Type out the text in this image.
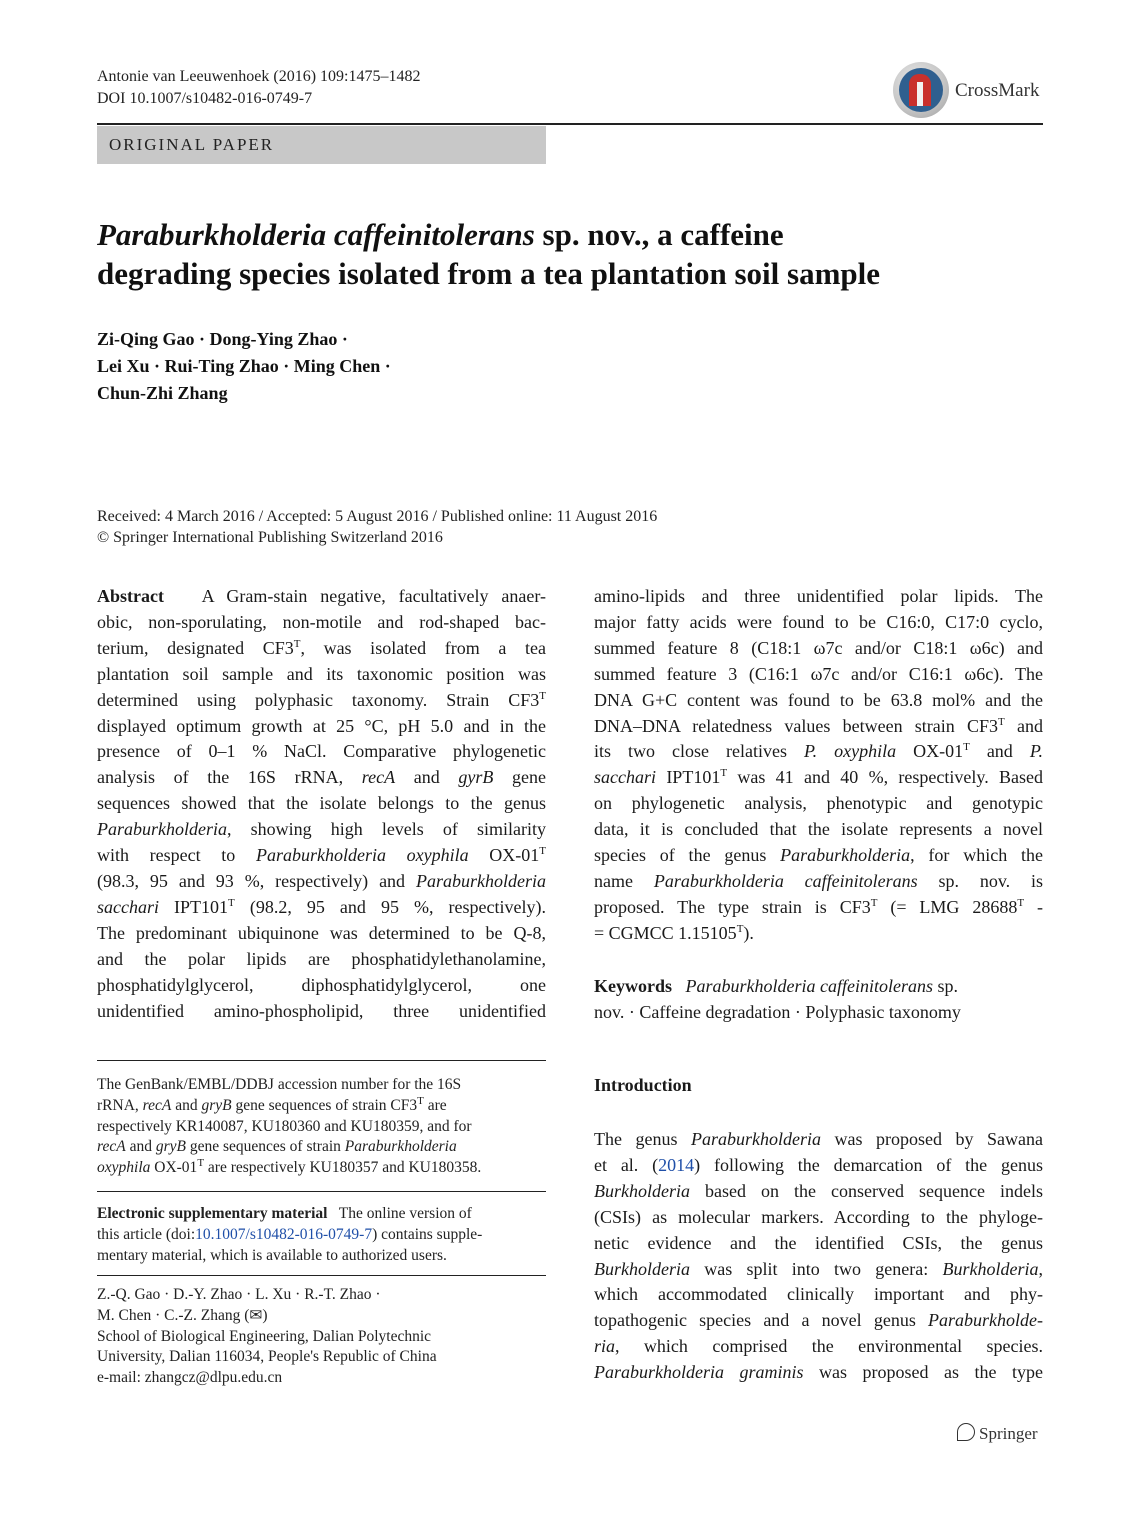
Antonie van Leeuwenhoek (2016) 109:1475–1482
DOI 10.1007/s10482-016-0749-7	CrossMark
ORIGINAL PAPER
Paraburkholderia caffeinitolerans sp. nov., a caffeine
degrading species isolated from a tea plantation soil sample
Zi-Qing Gao · Dong-Ying Zhao ·
Lei Xu · Rui-Ting Zhao · Ming Chen ·
Chun-Zhi Zhang
Received: 4 March 2016 / Accepted: 5 August 2016 / Published online: 11 August 2016
© Springer International Publishing Switzerland 2016
Abstract   A Gram-stain negative, facultatively anaer-
obic, non-sporulating, non-motile and rod-shaped bac-
terium, designated $CF3^T$, was isolated from a tea
plantation soil sample and its taxonomic position was
determined using polyphasic taxonomy. Strain $CF3^T$
displayed optimum growth at 25 °C, pH 5.0 and in the
presence of 0–1 % NaCl. Comparative phylogenetic
analysis of the 16S rRNA, recA and gyrB gene
sequences showed that the isolate belongs to the genus
Paraburkholderia, showing high levels of similarity
with respect to Paraburkholderia oxyphila $OX-01^T$
(98.3, 95 and 93 %, respectively) and Paraburkholderia
sacchari $IPT101^T$ (98.2, 95 and 95 %, respectively).
The predominant ubiquinone was determined to be Q-8,
and the polar lipids are phosphatidylethanolamine,
phosphatidylglycerol, diphosphatidylglycerol, one
unidentified amino-phospholipid, three unidentified
The GenBank/EMBL/DDBJ accession number for the 16S
rRNA, recA and gryB gene sequences of strain $CF3^T$ are
respectively KR140087, KU180360 and KU180359, and for
recA and gryB gene sequences of strain Paraburkholderia
oxyphila $OX-01^T$ are respectively KU180357 and KU180358.
Electronic supplementary material   The online version of
this article (doi:10.1007/s10482-016-0749-7) contains supple-
mentary material, which is available to authorized users.
Z.-Q. Gao · D.-Y. Zhao · L. Xu · R.-T. Zhao ·
M. Chen · C.-Z. Zhang (✉)
School of Biological Engineering, Dalian Polytechnic
University, Dalian 116034, People's Republic of China
e-mail: zhangcz@dlpu.edu.cn
amino-lipids and three unidentified polar lipids. The
major fatty acids were found to be C16:0, C17:0 cyclo,
summed feature 8 (C18:1 ω7c and/or C18:1 ω6c) and
summed feature 3 (C16:1 ω7c and/or C16:1 ω6c). The
DNA G+C content was found to be 63.8 mol% and the
DNA–DNA relatedness values between strain $CF3^T$ and
its two close relatives P. oxyphila $OX-01^T$ and P.
sacchari $IPT101^T$ was 41 and 40 %, respectively. Based
on phylogenetic analysis, phenotypic and genotypic
data, it is concluded that the isolate represents a novel
species of the genus Paraburkholderia, for which the
name Paraburkholderia caffeinitolerans sp. nov. is
proposed. The type strain is $CF3^T$ (= LMG $28688^T$ -
= CGMCC $1.15105^T$).
Keywords Paraburkholderia caffeinitolerans sp.
nov. · Caffeine degradation · Polyphasic taxonomy
Introduction
The genus Paraburkholderia was proposed by Sawana
et al. (2014) following the demarcation of the genus
Burkholderia based on the conserved sequence indels
(CSIs) as molecular markers. According to the phyloge-
netic evidence and the identified CSIs, the genus
Burkholderia was split into two genera: Burkholderia,
which accommodated clinically important and phy-
topathogenic species and a novel genus Paraburkholde-
ria, which comprised the environmental species.
Paraburkholderia graminis was proposed as the type
Springer
